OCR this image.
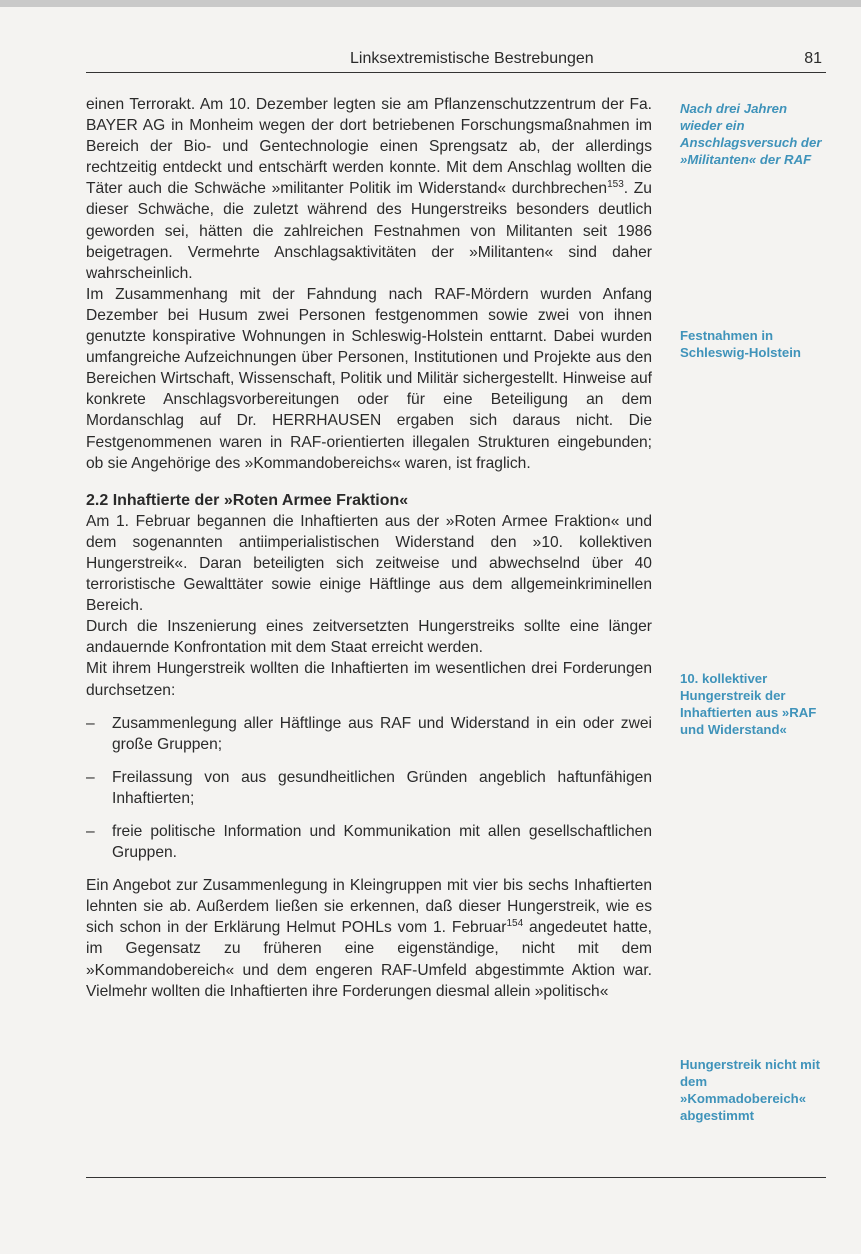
Linksextremistische Bestrebungen	81

einen Terrorakt. Am 10. Dezember legten sie am Pflanzenschutzzentrum der Fa. BAYER AG in Monheim wegen der dort betriebenen Forschungsmaßnahmen im Bereich der Bio- und Gentechnologie einen Sprengsatz ab, der allerdings rechtzeitig entdeckt und entschärft werden konnte. Mit dem Anschlag wollten die Täter auch die Schwäche »militanter Politik im Widerstand« durchbrechen$^{153}$. Zu dieser Schwäche, die zuletzt während des Hungerstreiks besonders deutlich geworden sei, hätten die zahlreichen Festnahmen von Militanten seit 1986 beigetragen. Vermehrte Anschlagsaktivitäten der »Militanten« sind daher wahrscheinlich.

Im Zusammenhang mit der Fahndung nach RAF-Mördern wurden Anfang Dezember bei Husum zwei Personen festgenommen sowie zwei von ihnen genutzte konspirative Wohnungen in Schleswig-Holstein enttarnt. Dabei wurden umfangreiche Aufzeichnungen über Personen, Institutionen und Projekte aus den Bereichen Wirtschaft, Wissenschaft, Politik und Militär sichergestellt. Hinweise auf konkrete Anschlagsvorbereitungen oder für eine Beteiligung an dem Mordanschlag auf Dr. HERRHAUSEN ergaben sich daraus nicht. Die Festgenommenen waren in RAF-orientierten illegalen Strukturen eingebunden; ob sie Angehörige des »Kommandobereichs« waren, ist fraglich.

2.2 Inhaftierte der »Roten Armee Fraktion«

Am 1. Februar begannen die Inhaftierten aus der »Roten Armee Fraktion« und dem sogenannten antiimperialistischen Widerstand den »10. kollektiven Hungerstreik«. Daran beteiligten sich zeitweise und abwechselnd über 40 terroristische Gewalttäter sowie einige Häftlinge aus dem allgemeinkriminellen Bereich.

Durch die Inszenierung eines zeitversetzten Hungerstreiks sollte eine länger andauernde Konfrontation mit dem Staat erreicht werden.

Mit ihrem Hungerstreik wollten die Inhaftierten im wesentlichen drei Forderungen durchsetzen:

– Zusammenlegung aller Häftlinge aus RAF und Widerstand in ein oder zwei große Gruppen;
– Freilassung von aus gesundheitlichen Gründen angeblich haftunfähigen Inhaftierten;
– freie politische Information und Kommunikation mit allen gesellschaftlichen Gruppen.

Ein Angebot zur Zusammenlegung in Kleingruppen mit vier bis sechs Inhaftierten lehnten sie ab. Außerdem ließen sie erkennen, daß dieser Hungerstreik, wie es sich schon in der Erklärung Helmut POHLs vom 1. Februar$^{154}$ angedeutet hatte, im Gegensatz zu früheren eine eigenständige, nicht mit dem »Kommandobereich« und dem engeren RAF-Umfeld abgestimmte Aktion war. Vielmehr wollten die Inhaftierten ihre Forderungen diesmal allein »politisch«

Nach drei Jahren wieder ein Anschlagsversuch der »Militanten« der RAF
Festnahmen in Schleswig-Holstein
10. kollektiver Hungerstreik der Inhaftierten aus »RAF und Widerstand«
Hungerstreik nicht mit dem »Kommadobereich« abgestimmt
